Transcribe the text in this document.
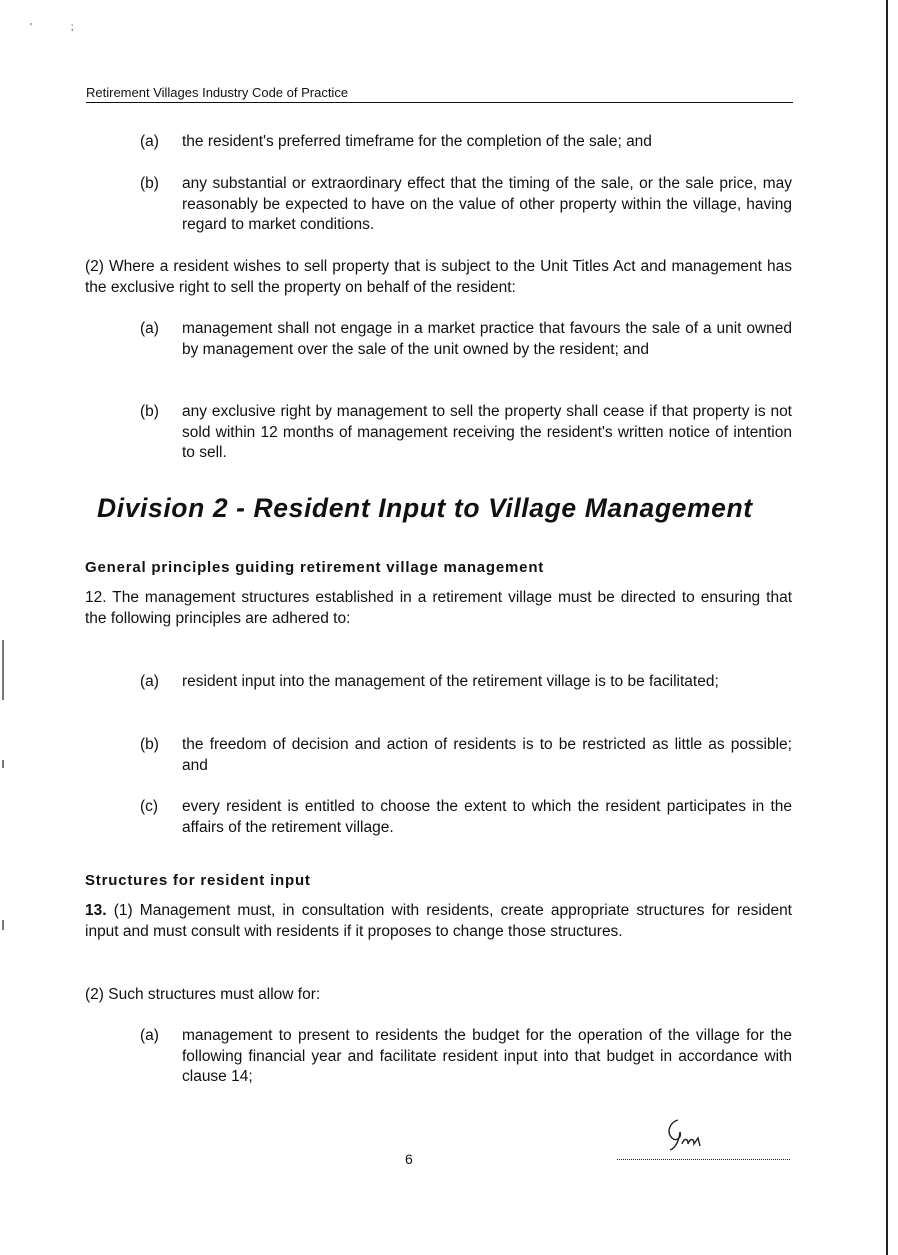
' ;
Retirement Villages Industry Code of Practice
(a)	the resident's preferred timeframe for the completion of the sale; and
(b)	any substantial or extraordinary effect that the timing of the sale, or the sale price, may reasonably be expected to have on the value of other property within the village, having regard to market conditions.
(2) Where a resident wishes to sell property that is subject to the Unit Titles Act and management has the exclusive right to sell the property on behalf of the resident:
(a)	management shall not engage in a market practice that favours the sale of a unit owned by management over the sale of the unit owned by the resident; and
(b)	any exclusive right by management to sell the property shall cease if that property is not sold within 12 months of management receiving the resident's written notice of intention to sell.
Division 2 - Resident Input to Village Management
General principles guiding retirement village management
12. The management structures established in a retirement village must be directed to ensuring that the following principles are adhered to:
(a)	resident input into the management of the retirement village is to be facilitated;
(b)	the freedom of decision and action of residents is to be restricted as little as possible; and
(c)	every resident is entitled to choose the extent to which the resident participates in the affairs of the retirement village.
Structures for resident input
13. (1) Management must, in consultation with residents, create appropriate structures for resident input and must consult with residents if it proposes to change those structures.
(2) Such structures must allow for:
(a)	management to present to residents the budget for the operation of the village for the following financial year and facilitate resident input into that budget in accordance with clause 14;
6
